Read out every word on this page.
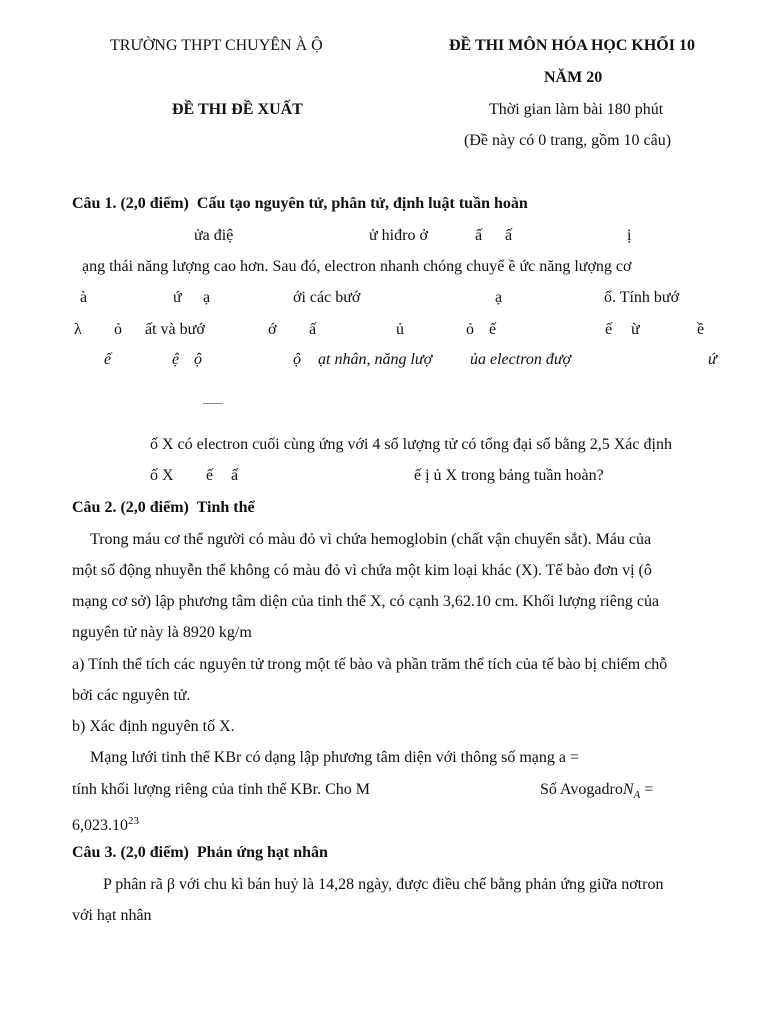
TRƯỜNG THPT CHUYÊN À Ộ	ĐỀ THI MÔN HÓA HỌC KHỐI 10
NĂM 20
ĐỀ THI ĐỀ XUẤT	Thời gian làm bài 180 phút
(Đề này có 0 trang, gồm 10 câu)
Câu 1. (2,0 điểm) Cấu tạo nguyên tử, phân tử, định luật tuần hoàn
ửa điệ	ử hiđro ở	ấ ấ	ị
ạng thái năng lượng cao hơn. Sau đó, electron nhanh chóng chuyể ề ức năng lượng cơ
à	ứ ạ	ới các bướ	ạ	ổ. Tính bướ
λ ỏ ất và bướ	ớ ấ	ủ	ỏ ế	ế ừ	ề
ể	ệ ộ	ộ ạt nhân, năng lượ ủa electron đượ	ứ
ố X có electron cuối cùng ứng với 4 số lượng tử có tổng đại số bằng 2,5 Xác định
ố X ế ấ	ế ị ủ X trong bảng tuần hoàn?
Câu 2. (2,0 điểm) Tinh thể
Trong máu cơ thể người có màu đỏ vì chứa hemoglobin (chất vận chuyển sắt). Máu của
một số động nhuyễn thể không có màu đỏ vì chứa một kim loại khác (X). Tế bào đơn vị (ô
mạng cơ sở) lập phương tâm diện của tinh thể X, có cạnh 3,62.10 cm. Khối lượng riêng của
nguyên tử này là 8920 kg/m
a) Tính thể tích các nguyên tử trong một tế bào và phần trăm thể tích của tế bào bị chiếm chỗ
bởi các nguyên tử.
b) Xác định nguyên tố X.
Mạng lưới tinh thể KBr có dạng lập phương tâm diện với thông số mạng a =
tính khối lượng riêng của tinh thể KBr. Cho M	Số AvogadroN$_A$ =
$6,023.10^{23}$
Câu 3. (2,0 điểm) Phản ứng hạt nhân
P phân rã β với chu kì bán huỷ là 14,28 ngày, được điều chế bằng phản ứng giữa nơtron
với hạt nhân
